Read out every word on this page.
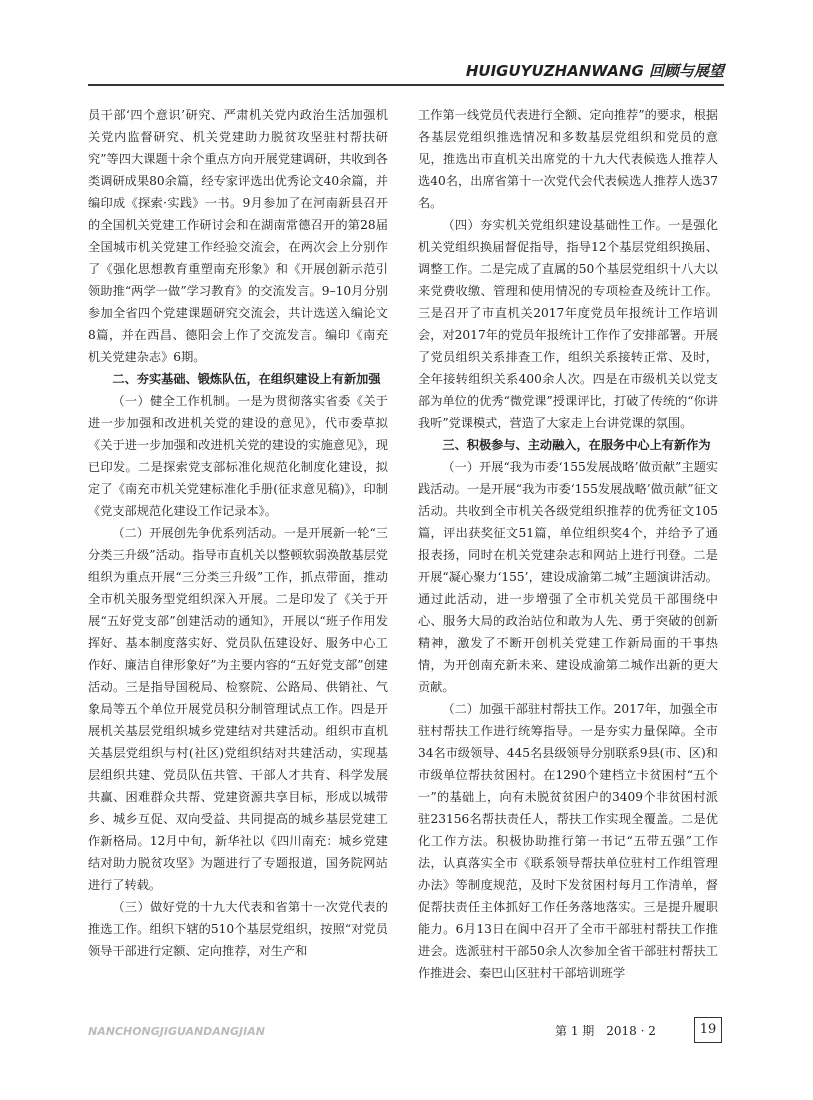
HUIGUYUZHANWANG 回顾与展望

员干部‘四个意识’研究、严肃机关党内政治生活加强机关党内监督研究、机关党建助力脱贫攻坚驻村帮扶研究”等四大课题十余个重点方向开展党建调研，共收到各类调研成果80余篇，经专家评选出优秀论文40余篇，并编印成《探索·实践》一书。9月参加了在河南新县召开的全国机关党建工作研讨会和在湖南常德召开的第28届全国城市机关党建工作经验交流会，在两次会上分别作了《强化思想教育重塑南充形象》和《开展创新示范引领助推“两学一做”学习教育》的交流发言。9–10月分别参加全省四个党建课题研究交流会，共计选送入编论文8篇，并在西昌、德阳会上作了交流发言。编印《南充机关党建杂志》6期。

二、夯实基础、锻炼队伍，在组织建设上有新加强

（一）健全工作机制。一是为贯彻落实省委《关于进一步加强和改进机关党的建设的意见》，代市委草拟《关于进一步加强和改进机关党的建设的实施意见》，现已印发。二是探索党支部标准化规范化制度化建设，拟定了《南充市机关党建标准化手册(征求意见稿)》，印制《党支部规范化建设工作记录本》。

（二）开展创先争优系列活动。一是开展新一轮“三分类三升级”活动。指导市直机关以整顿软弱涣散基层党组织为重点开展“三分类三升级”工作，抓点带面，推动全市机关服务型党组织深入开展。二是印发了《关于开展“五好党支部”创建活动的通知》，开展以“班子作用发挥好、基本制度落实好、党员队伍建设好、服务中心工作好、廉洁自律形象好”为主要内容的“五好党支部”创建活动。三是指导国税局、检察院、公路局、供销社、气象局等五个单位开展党员积分制管理试点工作。四是开展机关基层党组织城乡党建结对共建活动。组织市直机关基层党组织与村(社区)党组织结对共建活动，实现基层组织共建、党员队伍共管、干部人才共育、科学发展共赢、困难群众共帮、党建资源共享目标，形成以城带乡、城乡互促、双向受益、共同提高的城乡基层党建工作新格局。12月中旬，新华社以《四川南充：城乡党建结对助力脱贫攻坚》为题进行了专题报道，国务院网站进行了转载。

（三）做好党的十九大代表和省第十一次党代表的推选工作。组织下辖的510个基层党组织，按照“对党员领导干部进行定额、定向推荐，对生产和

工作第一线党员代表进行全额、定向推荐”的要求，根据各基层党组织推选情况和多数基层党组织和党员的意见，推选出市直机关出席党的十九大代表候选人推荐人选40名，出席省第十一次党代会代表候选人推荐人选37名。

（四）夯实机关党组织建设基础性工作。一是强化机关党组织换届督促指导，指导12个基层党组织换届、调整工作。二是完成了直属的50个基层党组织十八大以来党费收缴、管理和使用情况的专项检查及统计工作。三是召开了市直机关2017年度党员年报统计工作培训会，对2017年的党员年报统计工作作了安排部署。开展了党员组织关系排查工作，组织关系接转正常、及时，全年接转组织关系400余人次。四是在市级机关以党支部为单位的优秀“微党课”授课评比，打破了传统的“你讲我听”党课模式，营造了大家走上台讲党课的氛围。

三、积极参与、主动融入，在服务中心上有新作为

（一）开展“我为市委‘155发展战略’做贡献”主题实践活动。一是开展“我为市委‘155发展战略’做贡献”征文活动。共收到全市机关各级党组织推荐的优秀征文105篇，评出获奖征文51篇，单位组织奖4个，并给予了通报表扬，同时在机关党建杂志和网站上进行刊登。二是开展“凝心聚力‘155’，建设成渝第二城”主题演讲活动。通过此活动，进一步增强了全市机关党员干部围绕中心、服务大局的政治站位和敢为人先、勇于突破的创新精神，激发了不断开创机关党建工作新局面的干事热情，为开创南充新未来、建设成渝第二城作出新的更大贡献。

（二）加强干部驻村帮扶工作。2017年，加强全市驻村帮扶工作进行统筹指导。一是夯实力量保障。全市34名市级领导、445名县级领导分别联系9县(市、区)和市级单位帮扶贫困村。在1290个建档立卡贫困村“五个一”的基础上，向有未脱贫贫困户的3409个非贫困村派驻23156名帮扶责任人，帮扶工作实现全覆盖。二是优化工作方法。积极协助推行第一书记“五带五强”工作法，认真落实全市《联系领导帮扶单位驻村工作组管理办法》等制度规范，及时下发贫困村每月工作清单，督促帮扶责任主体抓好工作任务落地落实。三是提升履职能力。6月13日在阆中召开了全市干部驻村帮扶工作推进会。选派驻村干部50余人次参加全省干部驻村帮扶工作推进会、秦巴山区驻村干部培训班学

NANCHONGJIGUANDANGJIAN	第 1 期　2018 · 2	19
